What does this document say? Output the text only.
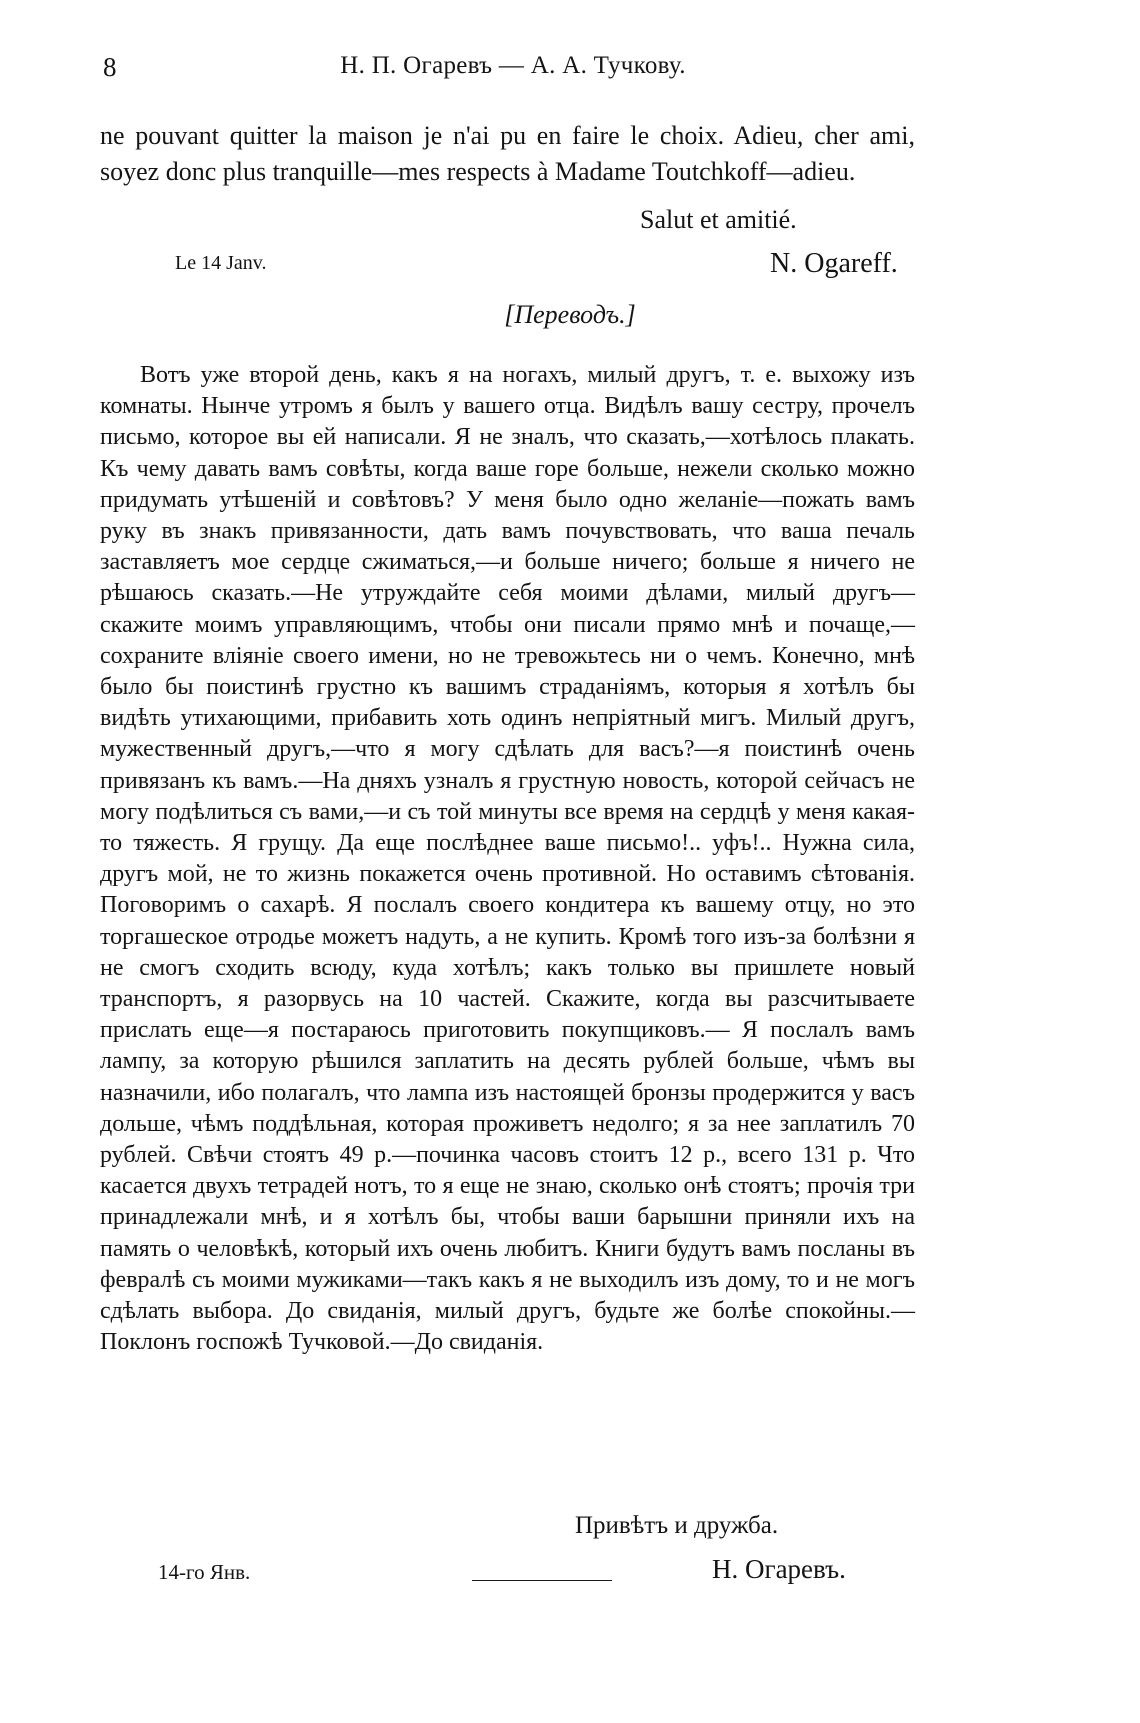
8	Н. П. Огаревъ — А. А. Тучкову.

ne pouvant quitter la maison je n'ai pu en faire le choix. Adieu, cher ami, soyez donc plus tranquille—mes respects à Madame Toutchkoff—adieu.

Salut et amitié.
Le 14 Janv.	N. Ogareff.
[Переводъ.]

Вотъ уже второй день, какъ я на ногахъ, милый другъ, т. е. выхожу изъ комнаты. Нынче утромъ я былъ у вашего отца. Видѣлъ вашу сестру, прочелъ письмо, которое вы ей написали. Я не зналъ, что сказать,—хотѣлось плакать. Къ чему давать вамъ совѣты, когда ваше горе больше, нежели сколько можно придумать утѣшеній и совѣтовъ? У меня было одно желаніе—пожать вамъ руку въ знакъ привязанности, дать вамъ почувствовать, что ваша печаль заставляетъ мое сердце сжиматься,—и больше ничего; больше я ничего не рѣшаюсь сказать.—Не утруждайте себя моими дѣлами, милый другъ—скажите моимъ управляющимъ, чтобы они писали прямо мнѣ и почаще,—сохраните вліяніе своего имени, но не тревожьтесь ни о чемъ. Конечно, мнѣ было бы поистинѣ грустно къ вашимъ страданіямъ, которыя я хотѣлъ бы видѣть утихающими, прибавить хоть одинъ непріятный мигъ. Милый другъ, мужественный другъ,—что я могу сдѣлать для васъ?—я поистинѣ очень привязанъ къ вамъ.—На дняхъ узналъ я грустную новость, которой сейчасъ не могу подѣлиться съ вами,—и съ той минуты все время на сердцѣ у меня какая-то тяжесть. Я грущу. Да еще послѣднее ваше письмо!.. уфъ!.. Нужна сила, другъ мой, не то жизнь покажется очень противной. Но оставимъ сѣтованія. Поговоримъ о сахарѣ. Я послалъ своего кондитера къ вашему отцу, но это торгашеское отродье можетъ надуть, а не купить. Кромѣ того изъ-за болѣзни я не смогъ сходить всюду, куда хотѣлъ; какъ только вы пришлете новый транспортъ, я разорвусь на 10 частей. Скажите, когда вы разсчитываете прислать еще—я постараюсь приготовить покупщиковъ.— Я послалъ вамъ лампу, за которую рѣшился заплатить на десять рублей больше, чѣмъ вы назначили, ибо полагалъ, что лампа изъ настоящей бронзы продержится у васъ дольше, чѣмъ поддѣльная, которая проживетъ недолго; я за нее заплатилъ 70 рублей. Свѣчи стоятъ 49 р.—починка часовъ стоитъ 12 р., всего 131 р. Что касается двухъ тетрадей нотъ, то я еще не знаю, сколько онѣ стоятъ; прочія три принадлежали мнѣ, и я хотѣлъ бы, чтобы ваши барышни приняли ихъ на память о человѣкѣ, который ихъ очень любитъ. Книги будутъ вамъ посланы въ февралѣ съ моими мужиками—такъ какъ я не выходилъ изъ дому, то и не могъ сдѣлать выбора. До свиданія, милый другъ, будьте же болѣе спокойны.—Поклонъ госпожѣ Тучковой.—До свиданія.

Привѣтъ и дружба.
14-го Янв.	Н. Огаревъ.
